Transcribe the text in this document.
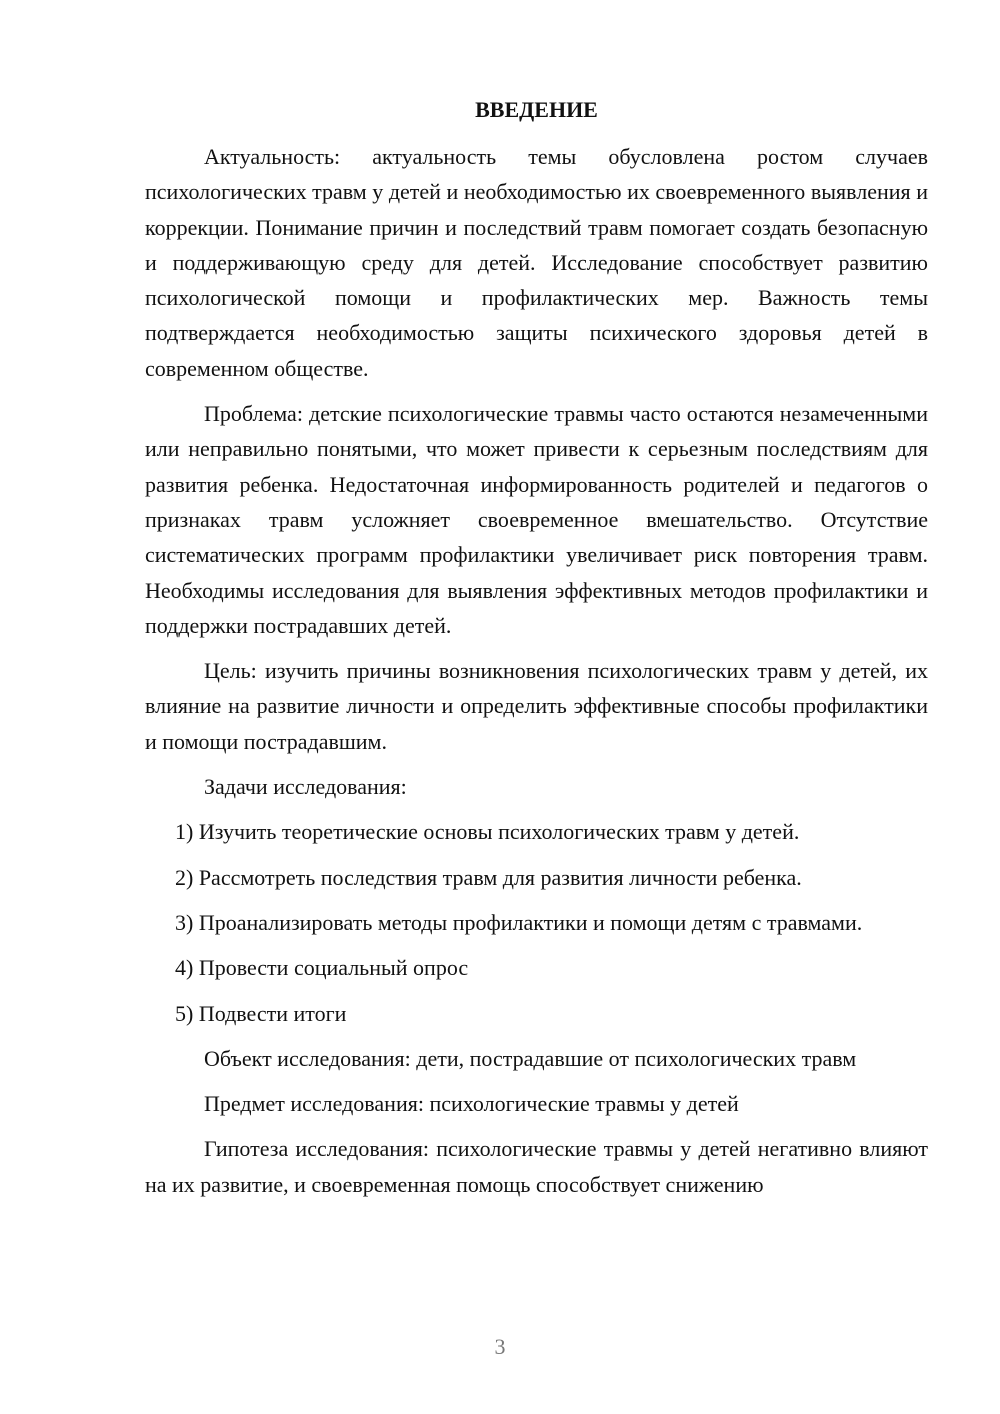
ВВЕДЕНИЕ

Актуальность: актуальность темы обусловлена ростом случаев психологических травм у детей и необходимостью их своевременного выявления и коррекции. Понимание причин и последствий травм помогает создать безопасную и поддерживающую среду для детей. Исследование способствует развитию психологической помощи и профилактических мер. Важность темы подтверждается необходимостью защиты психического здоровья детей в современном обществе.

Проблема: детские психологические травмы часто остаются незамеченными или неправильно понятыми, что может привести к серьезным последствиям для развития ребенка. Недостаточная информированность родителей и педагогов о признаках травм усложняет своевременное вмешательство. Отсутствие систематических программ профилактики увеличивает риск повторения травм. Необходимы исследования для выявления эффективных методов профилактики и поддержки пострадавших детей.

Цель: изучить причины возникновения психологических травм у детей, их влияние на развитие личности и определить эффективные способы профилактики и помощи пострадавшим.

Задачи исследования:

1) Изучить теоретические основы психологических травм у детей.

2) Рассмотреть последствия травм для развития личности ребенка.

3) Проанализировать методы профилактики и помощи детям с травмами.

4) Провести социальный опрос

5) Подвести итоги

Объект исследования: дети, пострадавшие от психологических травм

Предмет исследования: психологические травмы у детей

Гипотеза исследования: психологические травмы у детей негативно влияют на их развитие, и своевременная помощь способствует снижению

3
